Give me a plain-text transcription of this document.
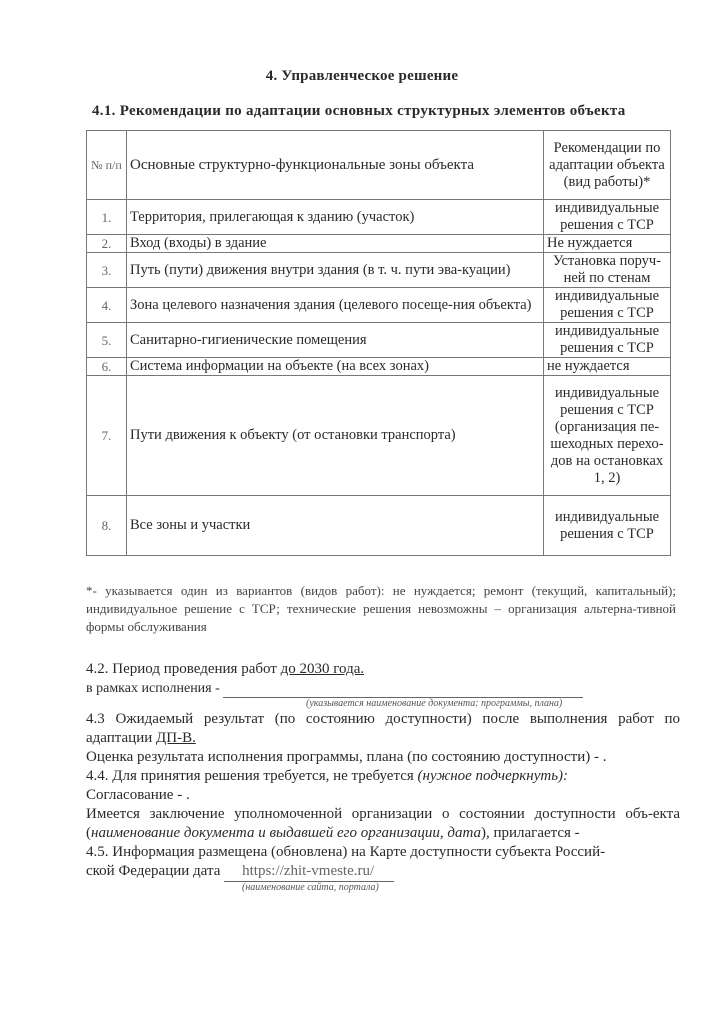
4. Управленческое решение
4.1. Рекомендации по адаптации основных структурных элементов объекта
№ п/п	Основные структурно-функциональные зоны объекта	Рекомендации по адаптации объекта (вид работы)*
1.	Территория, прилегающая к зданию (участок)	индивидуальные решения с ТСР
2.	Вход (входы) в здание	Не нуждается
3.	Путь (пути) движения внутри здания (в т. ч. пути эва-куации)	Установка поруч-ней по стенам
4.	Зона целевого назначения здания (целевого посеще-ния объекта)	индивидуальные решения с ТСР
5.	Санитарно-гигиенические помещения	индивидуальные решения с ТСР
6.	Система информации на объекте (на всех зонах)	не нуждается
7.	Пути движения к объекту (от остановки транспорта)	индивидуальные решения с ТСР (организация пе-шеходных перехо-дов на остановках 1, 2)
8.	Все зоны и участки	индивидуальные решения с ТСР
*- указывается один из вариантов (видов работ): не нуждается; ремонт (текущий, капитальный); индивидуальное решение с ТСР; технические решения невозможны – организация альтерна-тивной формы обслуживания
4.2. Период проведения работ до 2030 года.
в рамках исполнения -
(указывается наименование документа: программы, плана)
4.3 Ожидаемый результат (по состоянию доступности) после выполнения работ по адаптации ДП-В.
Оценка результата исполнения программы, плана (по состоянию доступности) - .
4.4. Для принятия решения требуется, не требуется (нужное подчеркнуть):
Согласование - .
Имеется заключение уполномоченной организации о состоянии доступности объ-екта (наименование документа и выдавшей его организации, дата), прилагается -
4.5. Информация размещена (обновлена) на Карте доступности субъекта Россий-
ской Федерации дата https://zhit-vmeste.ru/
(наименование сайта, портала)
